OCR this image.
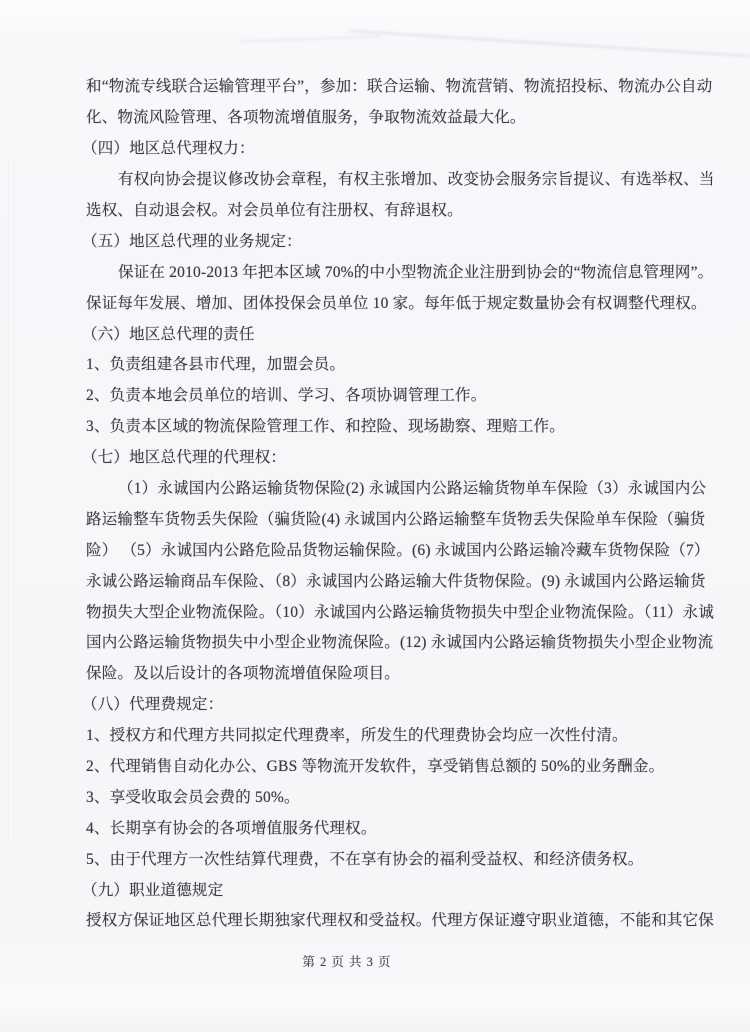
和“物流专线联合运输管理平台”，参加：联合运输、物流营销、物流招投标、物流办公自动
化、物流风险管理、各项物流增值服务，争取物流效益最大化。
（四）地区总代理权力：
有权向协会提议修改协会章程，有权主张增加、改变协会服务宗旨提议、有选举权、当
选权、自动退会权。对会员单位有注册权、有辞退权。
（五）地区总代理的业务规定：
保证在 2010-2013 年把本区域 70%的中小型物流企业注册到协会的“物流信息管理网”。
保证每年发展、增加、团体投保会员单位 10 家。每年低于规定数量协会有权调整代理权。
（六）地区总代理的责任
1、负责组建各县市代理，加盟会员。
2、负责本地会员单位的培训、学习、各项协调管理工作。
3、负责本区域的物流保险管理工作、和控险、现场勘察、理赔工作。
（七）地区总代理的代理权：
（1）永诚国内公路运输货物保险(2) 永诚国内公路运输货物单车保险（3）永诚国内公
路运输整车货物丢失保险（骗货险(4) 永诚国内公路运输整车货物丢失保险单车保险（骗货
险） （5）永诚国内公路危险品货物运输保险。(6) 永诚国内公路运输冷藏车货物保险（7）
永诚公路运输商品车保险、（8）永诚国内公路运输大件货物保险。(9) 永诚国内公路运输货
物损失大型企业物流保险。（10）永诚国内公路运输货物损失中型企业物流保险。（11）永诚
国内公路运输货物损失中小型企业物流保险。(12) 永诚国内公路运输货物损失小型企业物流
保险。及以后设计的各项物流增值保险项目。
（八）代理费规定：
1、授权方和代理方共同拟定代理费率，所发生的代理费协会均应一次性付清。
2、代理销售自动化办公、GBS 等物流开发软件，享受销售总额的 50%的业务酬金。
3、享受收取会员会费的 50%。
4、长期享有协会的各项增值服务代理权。
5、由于代理方一次性结算代理费，不在享有协会的福利受益权、和经济债务权。
（九）职业道德规定
授权方保证地区总代理长期独家代理权和受益权。代理方保证遵守职业道德，不能和其它保
第 2 页 共 3 页
